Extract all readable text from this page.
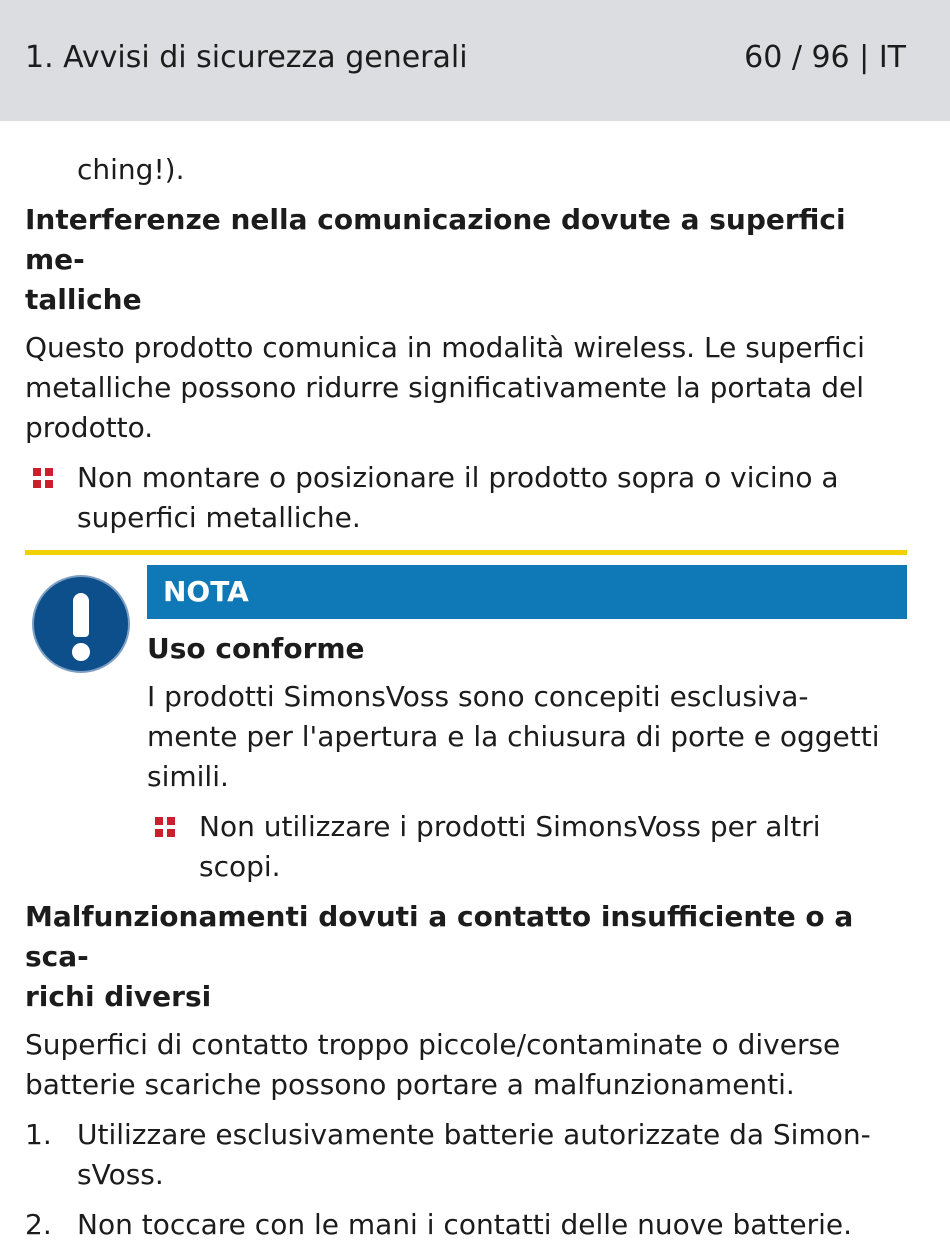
1. Avvisi di sicurezza generali	60 / 96 | IT

ching!).

Interferenze nella comunicazione dovute a superfici me-
talliche

Questo prodotto comunica in modalità wireless. Le superfici
metalliche possono ridurre significativamente la portata del
prodotto.

Non montare o posizionare il prodotto sopra o vicino a
superfici metalliche.
NOTA

Uso conforme

I prodotti SimonsVoss sono concepiti esclusiva-
mente per l'apertura e la chiusura di porte e oggetti
simili.

Non utilizzare i prodotti SimonsVoss per altri
scopi.

Malfunzionamenti dovuti a contatto insufficiente o a sca-
richi diversi

Superfici di contatto troppo piccole/contaminate o diverse
batterie scariche possono portare a malfunzionamenti.

1. Utilizzare esclusivamente batterie autorizzate da Simon-
sVoss.
2. Non toccare con le mani i contatti delle nuove batterie.
